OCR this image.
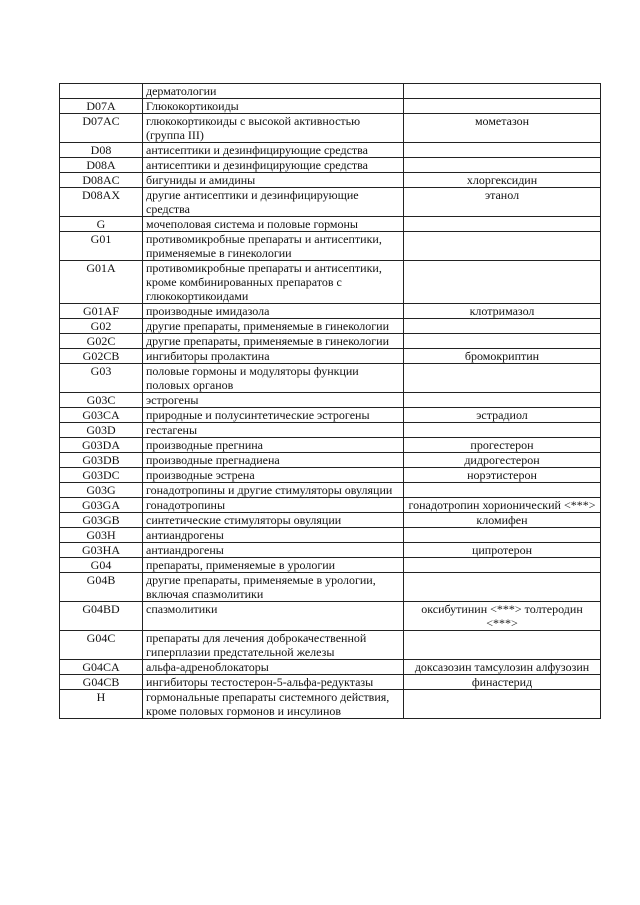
	дерматологии	
D07A	Глюкокортикоиды	
D07AC	глюкокортикоиды с высокой активностью (группа III)	мометазон
D08	антисептики и дезинфицирующие средства	
D08A	антисептики и дезинфицирующие средства	
D08AC	бигуниды и амидины	хлоргексидин
D08AX	другие антисептики и дезинфицирующие средства	этанол
G	мочеполовая система и половые гормоны	
G01	противомикробные препараты и антисептики, применяемые в гинекологии	
G01A	противомикробные препараты и антисептики, кроме комбинированных препаратов с глюкокортикоидами	
G01AF	производные имидазола	клотримазол
G02	другие препараты, применяемые в гинекологии	
G02C	другие препараты, применяемые в гинекологии	
G02CB	ингибиторы пролактина	бромокриптин
G03	половые гормоны и модуляторы функции половых органов	
G03C	эстрогены	
G03CA	природные и полусинтетические эстрогены	эстрадиол
G03D	гестагены	
G03DA	производные прегнина	прогестерон
G03DB	производные прегнадиена	дидрогестерон
G03DC	производные эстрена	норэтистерон
G03G	гонадотропины и другие стимуляторы овуляции	
G03GA	гонадотропины	гонадотропин хорионический <***>
G03GB	синтетические стимуляторы овуляции	кломифен
G03H	антиандрогены	
G03HA	антиандрогены	ципротерон
G04	препараты, применяемые в урологии	
G04B	другие препараты, применяемые в урологии, включая спазмолитики	
G04BD	спазмолитики	оксибутинин <***> толтеродин <***>
G04C	препараты для лечения доброкачественной гиперплазии предстательной железы	
G04CA	альфа-адреноблокаторы	доксазозин тамсулозин алфузозин
G04CB	ингибиторы тестостерон-5-альфа-редуктазы	финастерид
H	гормональные препараты системного действия, кроме половых гормонов и инсулинов	
